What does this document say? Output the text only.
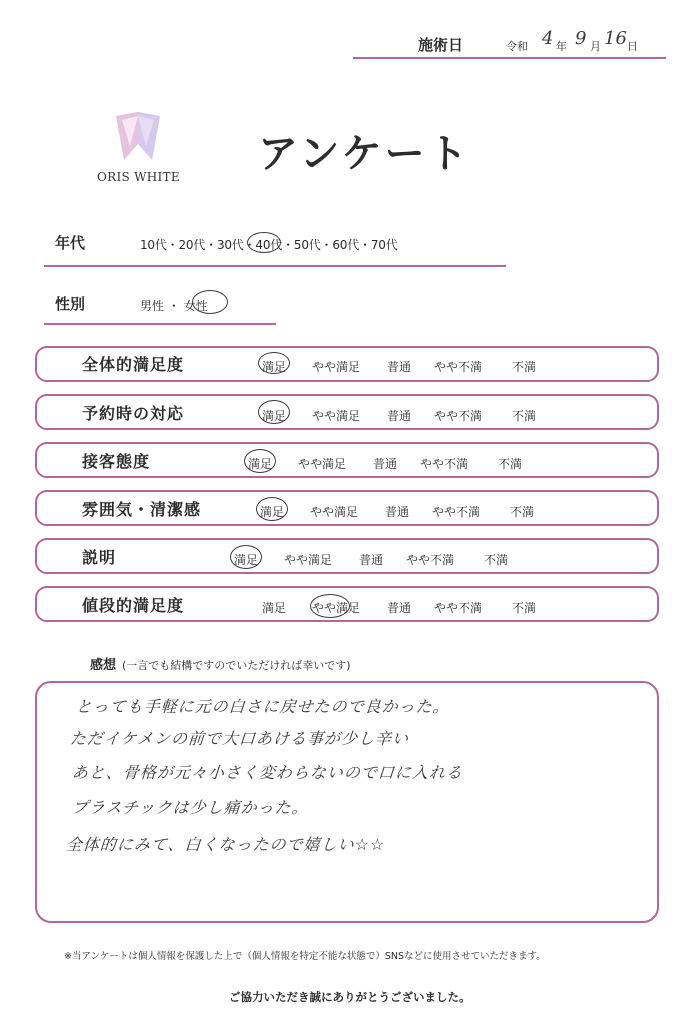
施術日	令和 4 年 9 月 16 日
ORIS WHITE アンケート
年代	10代・20代・30代・40代・50代・60代・70代
性別	男性 ・ 女性
全体的満足度	満足 やや満足 普通 やや不満 不満
予約時の対応	満足 やや満足 普通 やや不満 不満
接客態度	満足 やや満足 普通 やや不満 不満
雰囲気・清潔感	満足 やや満足 普通 やや不満 不満
説明	満足 やや満足 普通 やや不満 不満
値段的満足度	満足 やや満足 普通 やや不満 不満
感想 (一言でも結構ですのでいただければ幸いです)
とっても手軽に元の白さに戻せたので良かった。
ただイケメンの前で大口あける事が少し辛い
あと、骨格が元々小さく変わらないので口に入れる
プラスチックは少し痛かった。
全体的にみて、白くなったので嬉しい☆☆
※当アンケートは個人情報を保護した上で（個人情報を特定不能な状態で）SNSなどに使用させていただきます。
ご協力いただき誠にありがとうございました。
